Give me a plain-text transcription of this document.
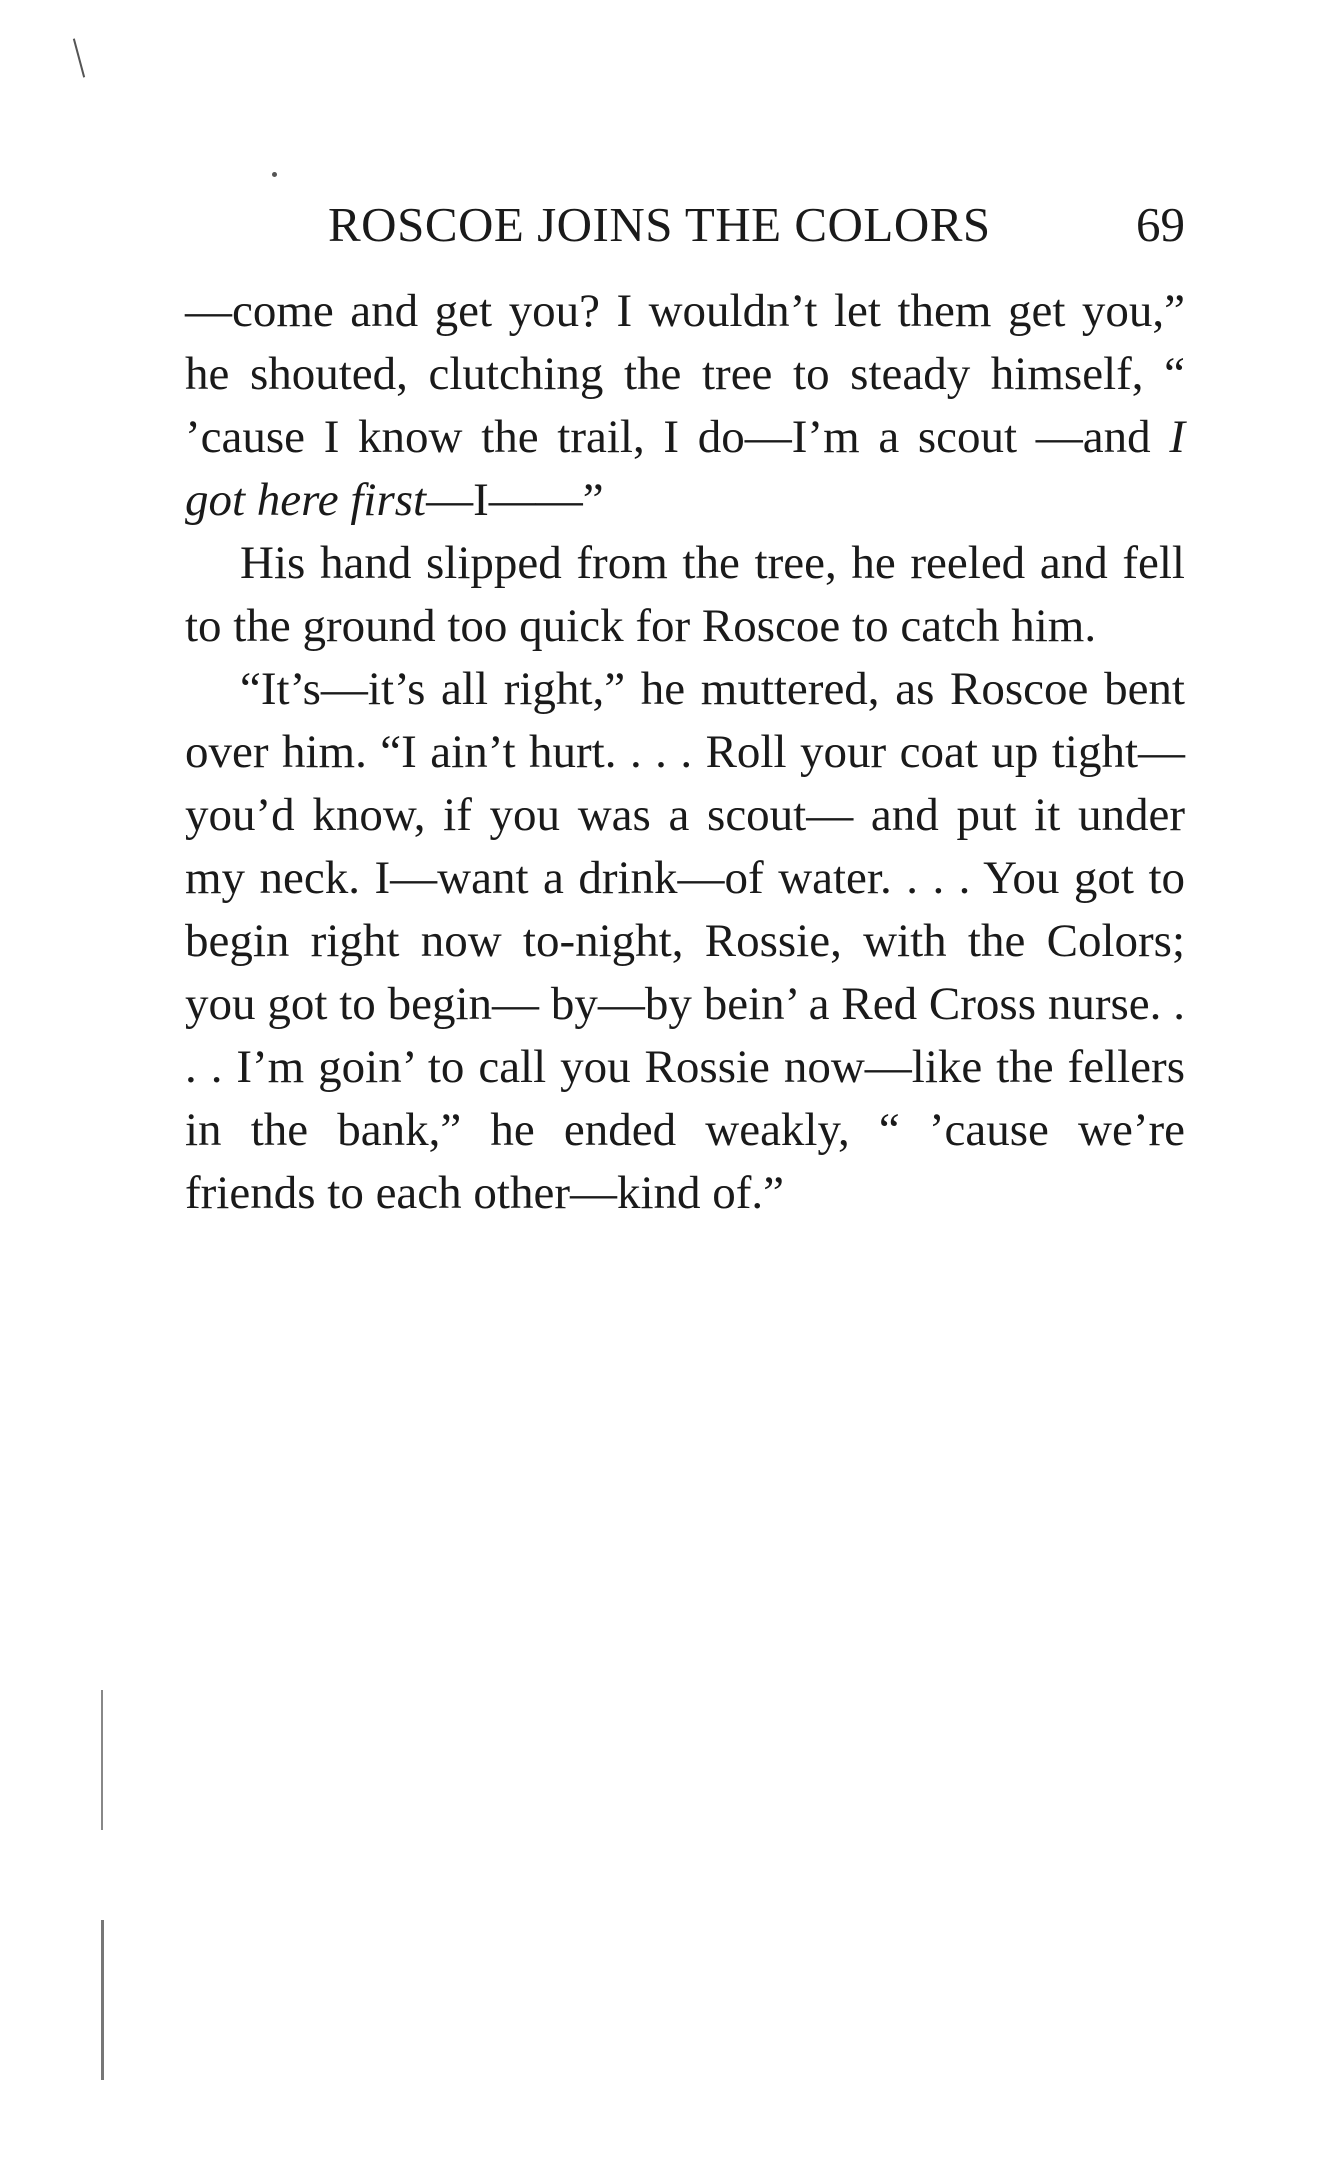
ROSCOE JOINS THE COLORS	69

—come and get you? I wouldn’t let them get you,” he shouted, clutching the tree to steady himself, “ ’cause I know the trail, I do—I’m a scout —and I got here first—I——”

His hand slipped from the tree, he reeled and fell to the ground too quick for Roscoe to catch him.

“It’s—it’s all right,” he muttered, as Roscoe bent over him. “I ain’t hurt. . . . Roll your coat up tight—you’d know, if you was a scout— and put it under my neck. I—want a drink—of water. . . . You got to begin right now to-night, Rossie, with the Colors; you got to begin— by—by bein’ a Red Cross nurse. . . . I’m goin’ to call you Rossie now—like the fellers in the bank,” he ended weakly, “ ’cause we’re friends to each other—kind of.”
